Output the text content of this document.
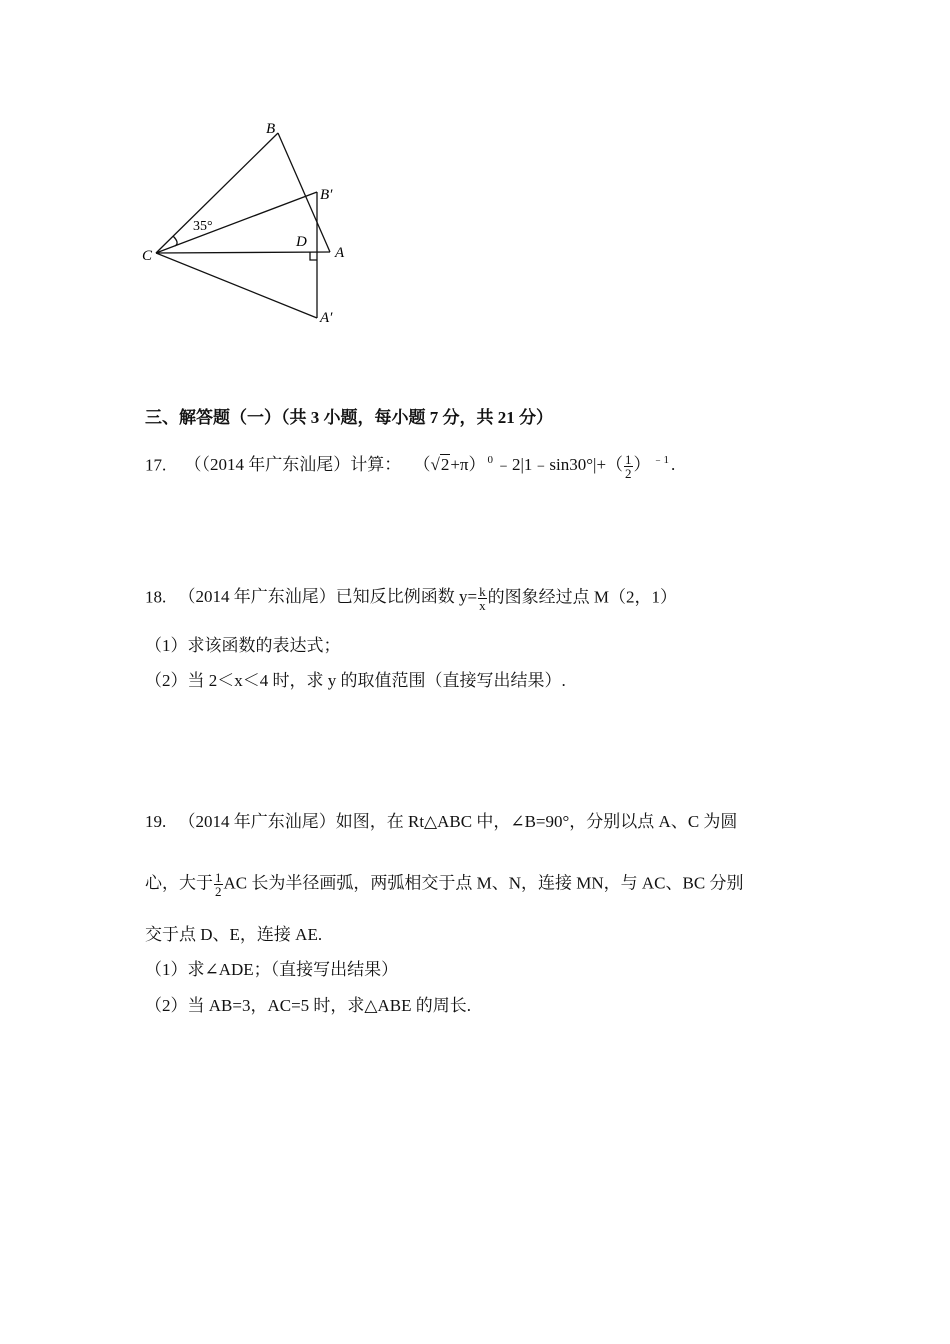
B
B′
35°
C
D
A
A′
三、解答题（一）（共 3 小题，每小题 7 分，共 21 分）
17. （（2014 年广东汕尾）计算： （√2+π） $^0$ ﹣2|1﹣sin30°|+（ $\frac{1}{2}$ ） $^{﹣1}$ .
18. （2014 年广东汕尾）已知反比例函数 $y= \frac{k}{x}$ 的图象经过点 M（2，1）
（1）求该函数的表达式；
（2）当 2＜x＜4 时，求 y 的取值范围（直接写出结果）.
19. （2014 年广东汕尾）如图，在 Rt△ABC 中，∠B=90°，分别以点 A、C 为圆
心，大于 $\frac{1}{2}$ AC 长为半径画弧，两弧相交于点 M、N，连接 MN，与 AC、BC 分别
交于点 D、E，连接 AE.
（1）求∠ADE；（直接写出结果）
（2）当 AB=3，AC=5 时，求△ABE 的周长.
